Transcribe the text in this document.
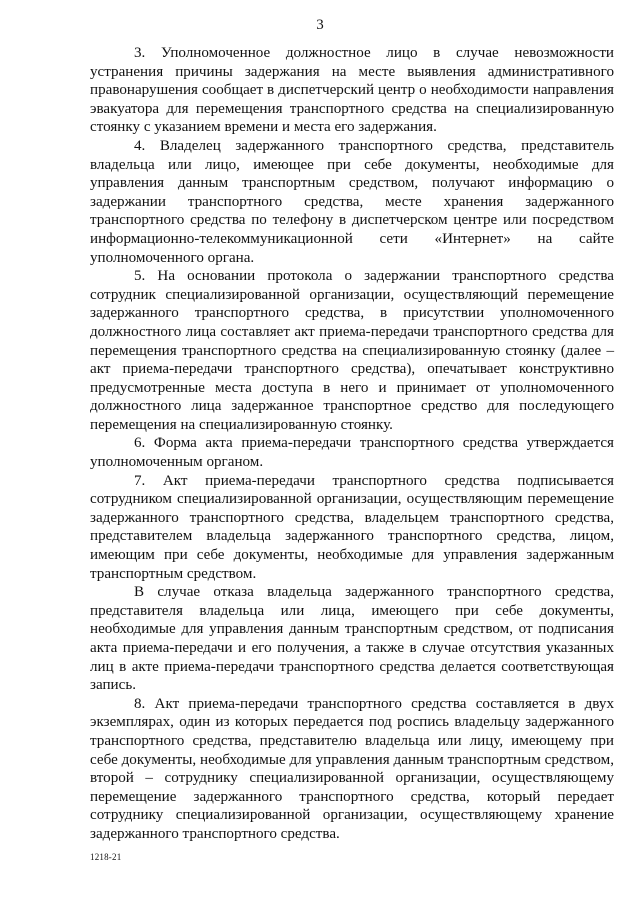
3

3. Уполномоченное должностное лицо в случае невозможности устранения причины задержания на месте выявления административного правонарушения сообщает в диспетчерский центр о необходимости направления эвакуатора для перемещения транспортного средства на специализированную стоянку с указанием времени и места его задержания.

4. Владелец задержанного транспортного средства, представитель владельца или лицо, имеющее при себе документы, необходимые для управления данным транспортным средством, получают информацию о задержании транспортного средства, месте хранения задержанного транспортного средства по телефону в диспетчерском центре или посредством информационно-телекоммуникационной сети «Интернет» на сайте уполномоченного органа.

5. На основании протокола о задержании транспортного средства сотрудник специализированной организации, осуществляющий перемещение задержанного транспортного средства, в присутствии уполномоченного должностного лица составляет акт приема-передачи транспортного средства для перемещения транспортного средства на специализированную стоянку (далее – акт приема-передачи транспортного средства), опечатывает конструктивно предусмотренные места доступа в него и принимает от уполномоченного должностного лица задержанное транспортное средство для последующего перемещения на специализированную стоянку.

6. Форма акта приема-передачи транспортного средства утверждается уполномоченным органом.

7. Акт приема-передачи транспортного средства подписывается сотрудником специализированной организации, осуществляющим перемещение задержанного транспортного средства, владельцем транспортного средства, представителем владельца задержанного транспортного средства, лицом, имеющим при себе документы, необходимые для управления задержанным транспортным средством.

В случае отказа владельца задержанного транспортного средства, представителя владельца или лица, имеющего при себе документы, необходимые для управления данным транспортным средством, от подписания акта приема-передачи и его получения, а также в случае отсутствия указанных лиц в акте приема-передачи транспортного средства делается соответствующая запись.

8. Акт приема-передачи транспортного средства составляется в двух экземплярах, один из которых передается под роспись владельцу задержанного транспортного средства, представителю владельца или лицу, имеющему при себе документы, необходимые для управления данным транспортным средством, второй – сотруднику специализированной организации, осуществляющему перемещение задержанного транспортного средства, который передает сотруднику специализированной организации, осуществляющему хранение задержанного транспортного средства.

1218-21
